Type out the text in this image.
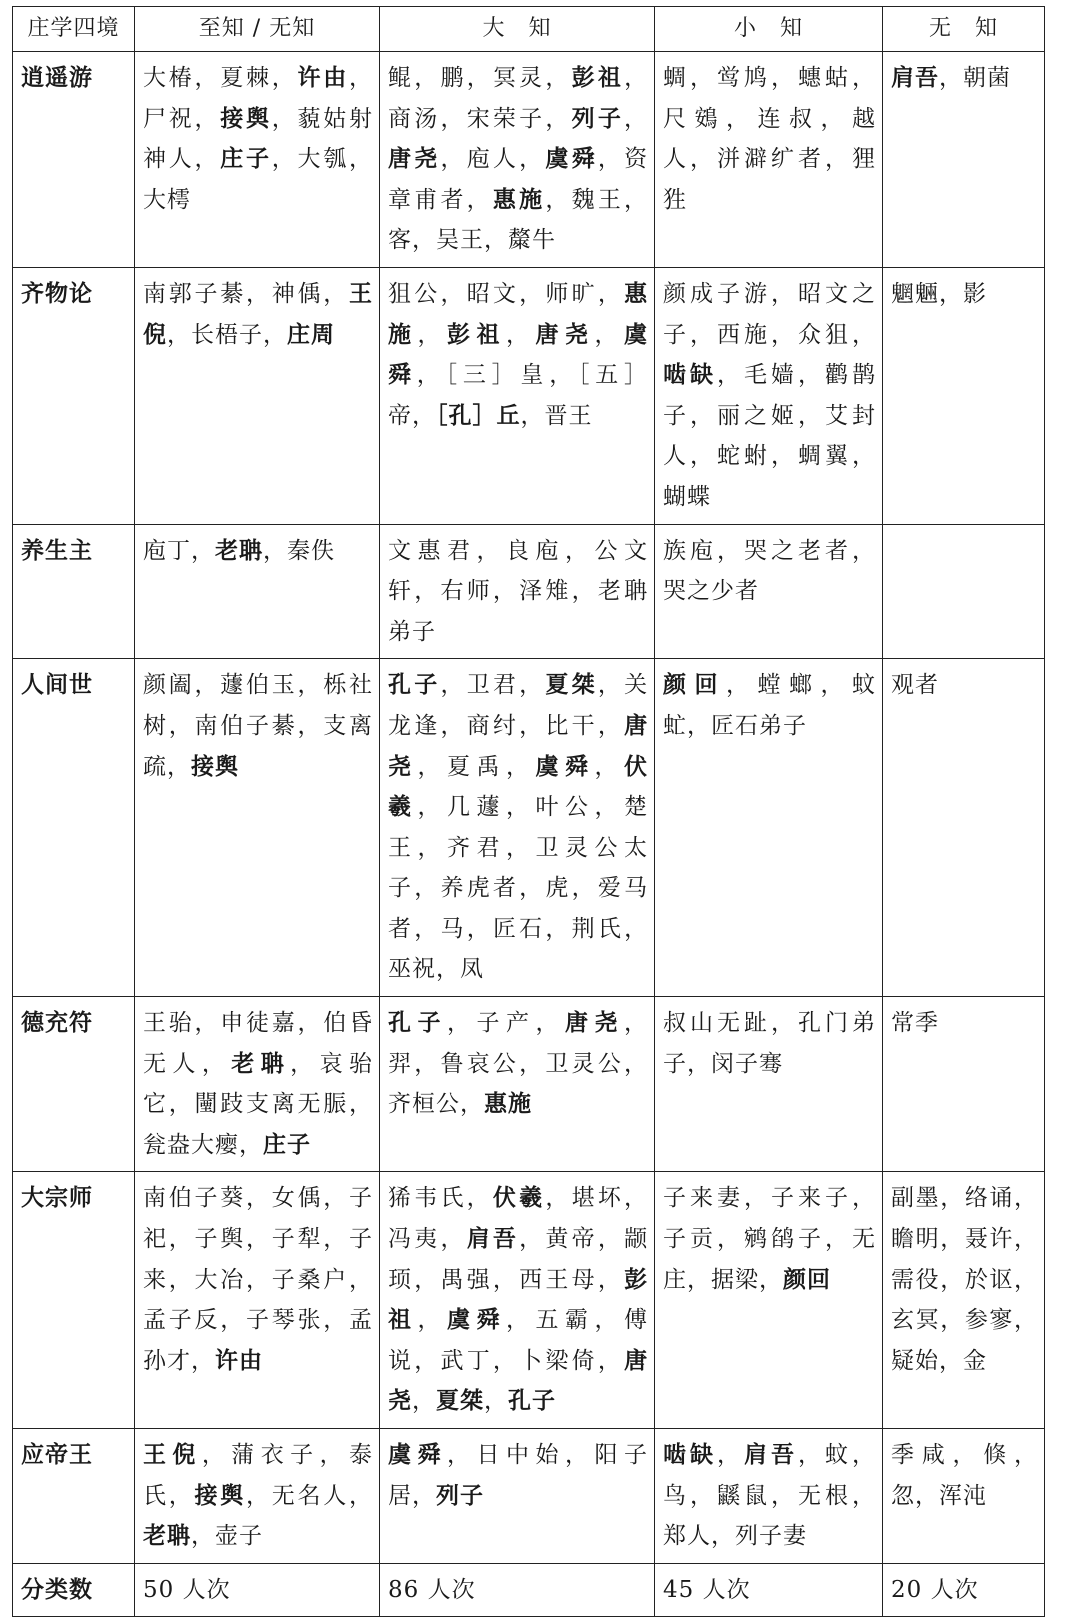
庄学四境	至知 / 无知	大　知	小　知	无　知
逍遥游	大椿，夏棘，许由，尸祝，接舆，藐姑射神人，庄子，大瓠，大樗	鲲，鹏，冥灵，彭祖，商汤，宋荣子，列子，唐尧，庖人，虞舜，资章甫者，惠施，魏王，客，吴王，斄牛	蜩，鸴鸠，蟪蛄，尺鴳，连叔，越人，洴澼纩者，狸狌	肩吾，朝菌
齐物论	南郭子綦，神偊，王倪，长梧子，庄周	狙公，昭文，师旷，惠施，彭祖，唐尧，虞舜，［三］皇，［五］帝，［孔］丘，晋王	颜成子游，昭文之子，西施，众狙，啮缺，毛嫱，鹳鹊子，丽之姬，艾封人，蛇蚹，蜩翼，蝴蝶	魍魎，影
养生主	庖丁，老聃，秦佚	文惠君，良庖，公文轩，右师，泽雉，老聃弟子	族庖，哭之老者，哭之少者	
人间世	颜阖，蘧伯玉，栎社树，南伯子綦，支离疏，接舆	孔子，卫君，夏桀，关龙逢，商纣，比干，唐尧，夏禹，虞舜，伏羲，几蘧，叶公，楚王，齐君，卫灵公太子，养虎者，虎，爱马者，马，匠石，荆氏，巫祝，凤	颜回，螳螂，蚊虻，匠石弟子	观者
德充符	王骀，申徒嘉，伯昏无人，老聃，哀骀它，闉跂支离无脤，瓮盎大瘿，庄子	孔子，子产，唐尧，羿，鲁哀公，卫灵公，齐桓公，惠施	叔山无趾，孔门弟子，闵子骞	常季
大宗师	南伯子葵，女偊，子祀，子舆，子犁，子来，大冶，子桑户，孟子反，子琴张，孟孙才，许由	狶韦氏，伏羲，堪坏，冯夷，肩吾，黄帝，颛顼，禺强，西王母，彭祖，虞舜，五霸，傅说，武丁，卜梁倚，唐尧，夏桀，孔子	子来妻，子来子，子贡，鹓鹐子，无庄，据梁，颜回	副墨，络诵，瞻明，聂许，需役，於讴，玄冥，参寥，疑始，金
应帝王	王倪，蒲衣子，泰氏，接舆，无名人，老聃，壶子	虞舜，日中始，阳子居，列子	啮缺，肩吾，蚊，鸟，鼷鼠，无根，郑人，列子妻	季咸，倏，忽，浑沌
分类数	50 人次	86 人次	45 人次	20 人次
